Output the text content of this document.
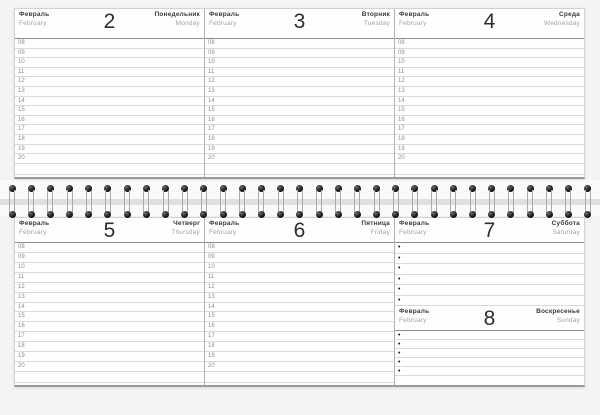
Февраль
February	2	Понедельник
Monday
08
09
10
11
12
13
14
15
16
17
18
19
20
Февраль
February	3	Вторник
Tuesday
08
09
10
11
12
13
14
15
16
17
18
19
20
Февраль
February	4	Среда
Wednesday
08
09
10
11
12
13
14
15
16
17
18
19
20
Февраль
February	5	Четверг
Thursday
08
09
10
11
12
13
14
15
16
17
18
19
20
Февраль
February	6	Пятница
Friday
08
09
10
11
12
13
14
15
16
17
18
19
20
Февраль
February	7	Суббота
Saturday
•
•
•
•
•
•
Февраль
February	8	Воскресенье
Sunday
•
•
•
•
•
